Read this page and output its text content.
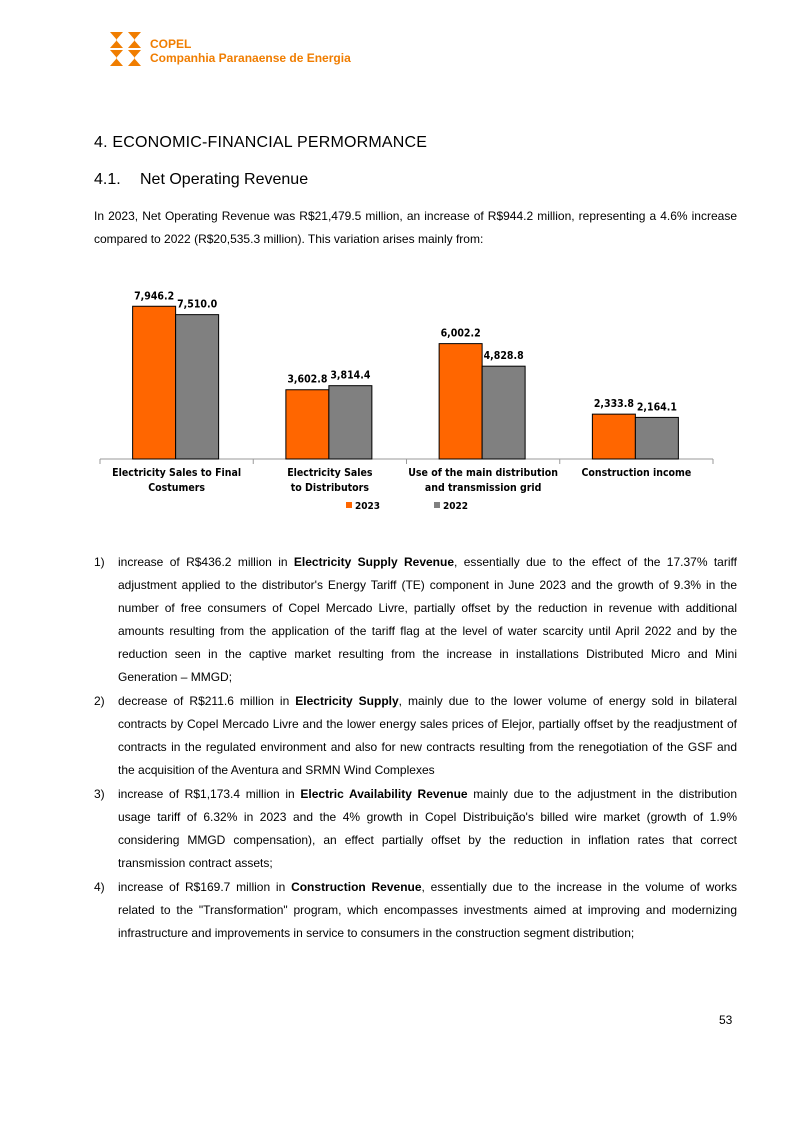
COPEL
Companhia Paranaense de Energia
4. ECONOMIC-FINANCIAL PERMORMANCE
4.1. Net Operating Revenue

In 2023, Net Operating Revenue was R$21,479.5 million, an increase of R$944.2 million, representing a 4.6% increase compared to 2022 (R$20,535.3 million). This variation arises mainly from:

7,946.2
7,510.0
Electricity Sales to Final
Costumers
3,602.8 3,814.4
Electricity Sales
to Distributors
6,002.2
4,828.8
Use of the main distribution
and transmission grid
2,333.8 2,164.1
Construction income
2023	2022
1) increase of R$436.2 million in Electricity Supply Revenue, essentially due to the effect of the 17.37% tariff adjustment applied to the distributor's Energy Tariff (TE) component in June 2023 and the growth of 9.3% in the number of free consumers of Copel Mercado Livre, partially offset by the reduction in revenue with additional amounts resulting from the application of the tariff flag at the level of water scarcity until April 2022 and by the reduction seen in the captive market resulting from the increase in installations Distributed Micro and Mini Generation – MMGD;
2) decrease of R$211.6 million in Electricity Supply, mainly due to the lower volume of energy sold in bilateral contracts by Copel Mercado Livre and the lower energy sales prices of Elejor, partially offset by the readjustment of contracts in the regulated environment and also for new contracts resulting from the renegotiation of the GSF and the acquisition of the Aventura and SRMN Wind Complexes
3) increase of R$1,173.4 million in Electric Availability Revenue mainly due to the adjustment in the distribution usage tariff of 6.32% in 2023 and the 4% growth in Copel Distribuição's billed wire market (growth of 1.9% considering MMGD compensation), an effect partially offset by the reduction in inflation rates that correct transmission contract assets;
4) increase of R$169.7 million in Construction Revenue, essentially due to the increase in the volume of works related to the "Transformation" program, which encompasses investments aimed at improving and modernizing infrastructure and improvements in service to consumers in the construction segment distribution;
53
